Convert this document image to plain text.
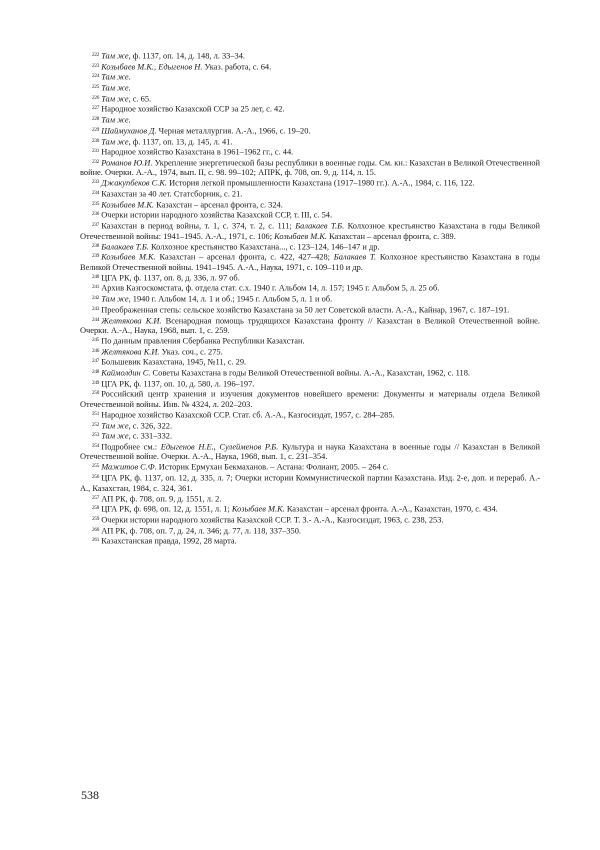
$^{222}$ Там же, ф. 1137, оп. 14, д. 148, л. 33–34.
$^{223}$ Козыбаев М.К., Едыгенов Н. Указ. работа, с. 64.
$^{224}$ Там же.
$^{225}$ Там же.
$^{226}$ Там же, с. 65.
$^{227}$ Народное хозяйство Казахской ССР за 25 лет, с. 42.
$^{228}$ Там же.
$^{229}$ Шаймуханов Д. Черная металлургия. А.-А., 1966, с. 19–20.
$^{230}$ Там же, ф. 1137, оп. 13, д. 145, л. 41.
$^{231}$ Народное хозяйство Казахстана в 1961–1962 гг., с. 44.
$^{232}$ Романов Ю.И. Укрепление энергетической базы республики в военные годы. См. кн.: Казахстан в Великой Отечественной войне. Очерки. А.-А., 1974, вып. II, с. 98. 99–102; АПРК, ф. 708, оп. 9, д. 114, л. 15.
$^{233}$ Джакупбеков С.К. История легкой промышленности Казахстана (1917–1980 гг.). А.-А., 1984, с. 116, 122.
$^{234}$ Казахстан за 40 лет. Статсборник, с. 21.
$^{235}$ Козыбаев М.К. Казахстан – арсенал фронта, с. 324.
$^{236}$ Очерки истории народного хозяйства Казахской ССР, т. III, с. 54.
$^{237}$ Казахстан в период войны, т. 1, с. 374, т. 2, с. 111; Балакаев Т.Б. Колхозное крестьянство Казахстана в годы Великой Отечественной войны: 1941–1945. А.-А., 1971, с. 106; Козыбаев М.К. Казахстан – арсенал фронта, с. 389.
$^{238}$ Балакаев Т.Б. Колхозное крестьянство Казахстана..., с. 123–124, 146–147 и др.
$^{239}$ Козыбаев М.К. Казахстан – арсенал фронта, с. 422, 427–428; Балакаев Т. Колхозное крестьянство Казахстана в годы Великой Отечественной войны. 1941–1945. А.-А., Наука, 1971, с. 109–110 и др.
$^{240}$ ЦГА РК, ф. 1137, оп. 8, д. 336, л. 97 об.
$^{241}$ Архив Казгоскомстата, ф. отдела стат. с.х. 1940 г. Альбом 14, л. 157; 1945 г. Альбом 5, л. 25 об.
$^{242}$ Там же, 1940 г. Альбом 14, л. 1 и об.; 1945 г. Альбом 5, л. 1 и об.
$^{243}$ Преображенная степь: сельское хозяйство Казахстана за 50 лет Советской власти. А.-А., Кайнар, 1967, с. 187–191.
$^{244}$ Желтякова К.И. Всенародная помощь трудящихся Казахстана фронту // Казахстан в Великой Отечественной войне. Очерки. А.-А., Наука, 1968, вып. 1, с. 259.
$^{245}$ По данным правления Сбербанка Республики Казахстан.
$^{246}$ Желтякова К.И. Указ. соч., с. 275.
$^{247}$ Большевик Казахстана, 1945, №11, с. 29.
$^{248}$ Каймолдин С. Советы Казахстана в годы Великой Отечественной войны. А.-А., Казахстан, 1962, с. 118.
$^{249}$ ЦГА РК, ф. 1137, оп. 10, д. 580, л. 196–197.
$^{250}$ Российский центр хранения и изучения документов новейшего времени: Документы и материалы отдела Великой Отечественной войны. Инв. № 4324, л. 202–203.
$^{251}$ Народное хозяйство Казахской ССР. Стат. сб. А.-А., Казгосиздат, 1957, с. 284–285.
$^{252}$ Там же, с. 326, 322.
$^{253}$ Там же, с. 331–332.
$^{254}$ Подробнее см.: Едыгенов Н.Е., Сулейменов Р.Б. Культура и наука Казахстана в военные годы // Казахстан в Великой Отечественной войне. Очерки. А.-А., Наука, 1968, вып. 1, с. 231–354.
$^{255}$ Мажитов С.Ф. Историк Ермухан Бекмаханов. – Астана: Фолиант, 2005. – 264 с.
$^{256}$ ЦГА РК, ф. 1137, оп. 12, д. 335, л. 7; Очерки истории Коммунистической партии Казахстана. Изд. 2-е, доп. и перераб. А.-А., Казахстан, 1984, с. 324, 361.
$^{257}$ АП РК, ф. 708, оп. 9, д. 1551, л. 2.
$^{258}$ ЦГА РК, ф. 698, оп. 12, д. 1551, л. 1; Козыбаев М.К. Казахстан – арсенал фронта. А.-А., Казахстан, 1970, с. 434.
$^{259}$ Очерки истории народного хозяйства Казахской ССР. Т. 3.- А.-А., Казгосиздат, 1963, с. 238, 253.
$^{260}$ АП РК, ф. 708, оп. 7, д. 24, л. 346; д. 77, л. 118, 337–350.
$^{261}$ Казахстанская правда, 1992, 28 марта.
538
